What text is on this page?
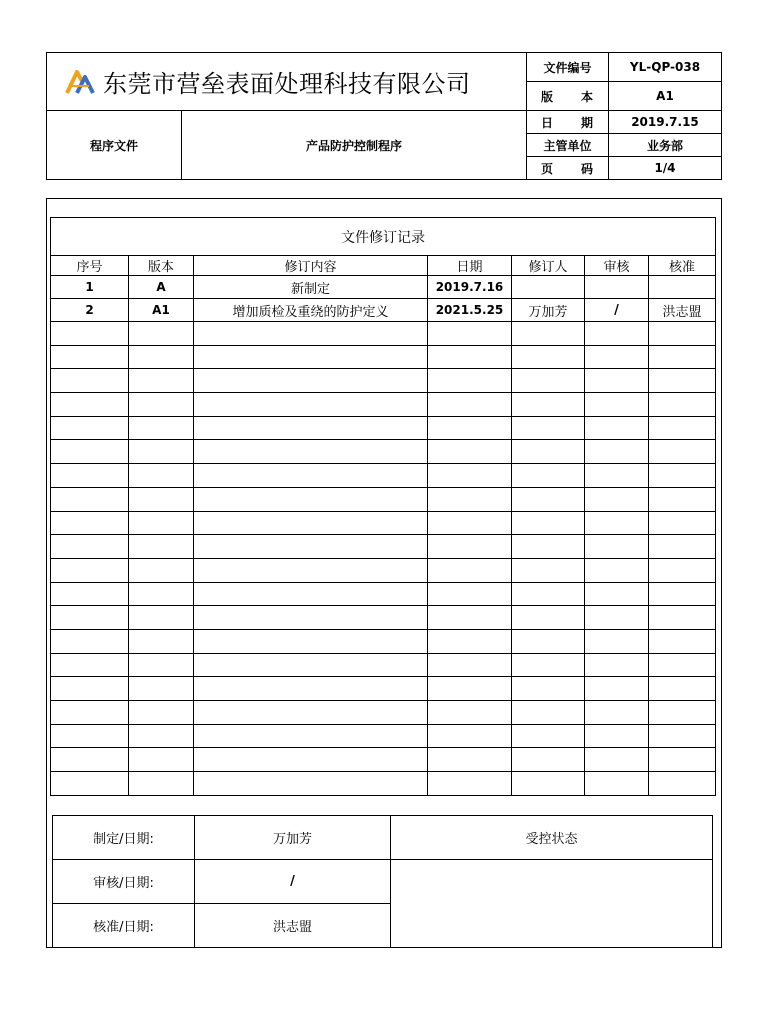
东莞市营垒表面处理科技有限公司		文件编号	YL-QP-038
		版本	A1
程序文件	产品防护控制程序	日期	2019.7.15
		主管单位	业务部
		页码	1/4
文件修订记录						
序号	版本	修订内容	日期	修订人	审核	核准
1	A	新制定	2019.7.16			
2	A1	增加质检及重绕的防护定义	2021.5.25	万加芳	/	洪志盟

制定/日期:	万加芳	受控状态
审核/日期:	/	
核准/日期:	洪志盟	
